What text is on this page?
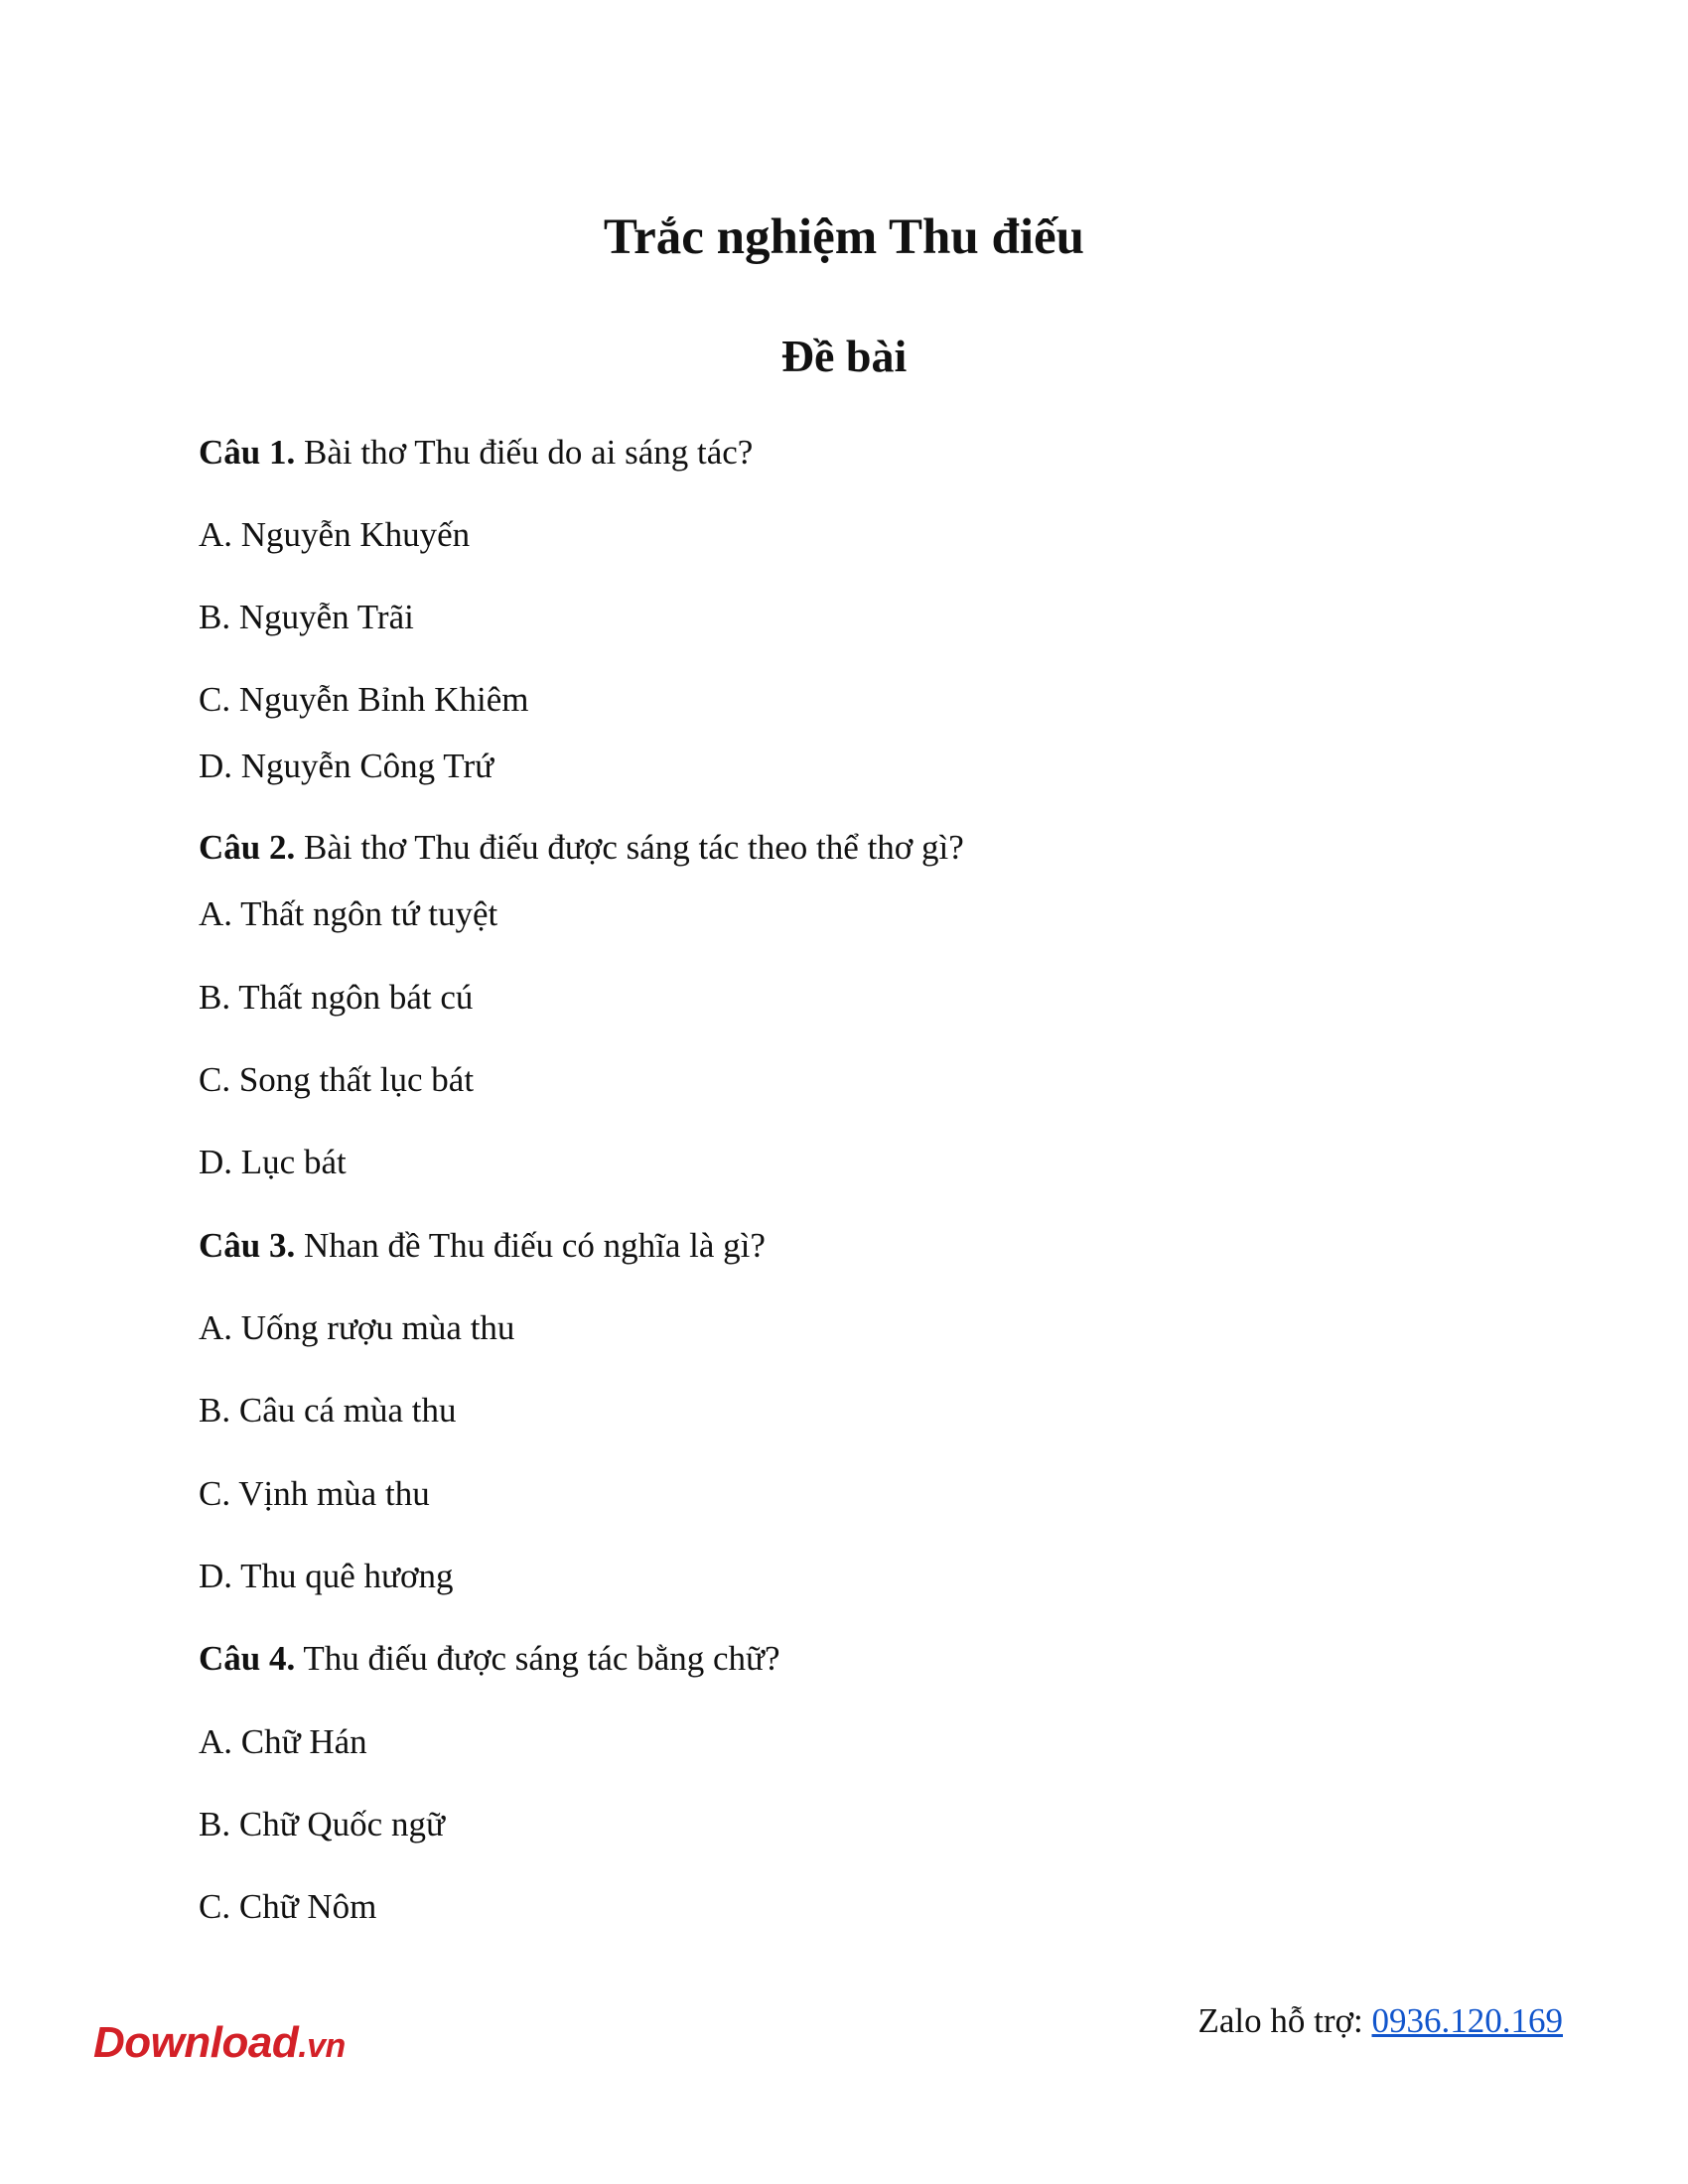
Trắc nghiệm Thu điếu
Đề bài

Câu 1. Bài thơ Thu điếu do ai sáng tác?

A. Nguyễn Khuyến

B. Nguyễn Trãi

C. Nguyễn Bỉnh Khiêm

D. Nguyễn Công Trứ

Câu 2. Bài thơ Thu điếu được sáng tác theo thể thơ gì?

A. Thất ngôn tứ tuyệt

B. Thất ngôn bát cú

C. Song thất lục bát

D. Lục bát

Câu 3. Nhan đề Thu điếu có nghĩa là gì?

A. Uống rượu mùa thu

B. Câu cá mùa thu

C. Vịnh mùa thu

D. Thu quê hương

Câu 4. Thu điếu được sáng tác bằng chữ?

A. Chữ Hán

B. Chữ Quốc ngữ

C. Chữ Nôm

Download.vn
Zalo hỗ trợ: 0936.120.169
